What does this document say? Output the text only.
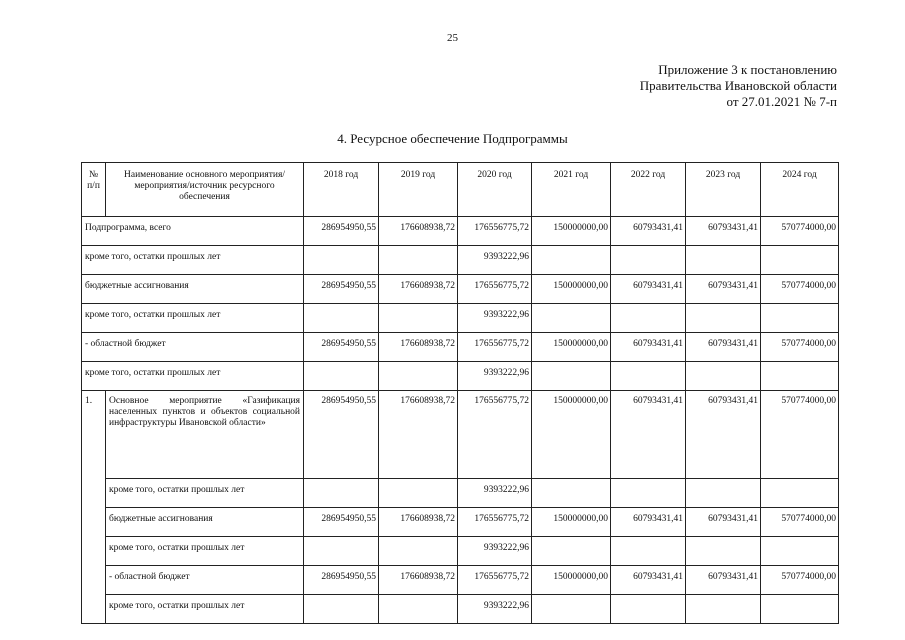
25
Приложение 3 к постановлению
Правительства Ивановской области
от 27.01.2021 № 7-п
4. Ресурсное обеспечение Подпрограммы
№ п/п	Наименование основного мероприятия/мероприятия/источник ресурсного обеспечения	2018 год	2019 год	2020 год	2021 год	2022 год	2023 год	2024 год
Подпрограмма, всего		286954950,55	176608938,72	176556775,72	150000000,00	60793431,41	60793431,41	570774000,00
кроме того, остатки прошлых лет				9393222,96				
бюджетные ассигнования		286954950,55	176608938,72	176556775,72	150000000,00	60793431,41	60793431,41	570774000,00
кроме того, остатки прошлых лет				9393222,96				
- областной бюджет		286954950,55	176608938,72	176556775,72	150000000,00	60793431,41	60793431,41	570774000,00
кроме того, остатки прошлых лет				9393222,96				
1.	Основное мероприятие «Газификация населенных пунктов и объектов социальной инфраструктуры Ивановской области»	286954950,55	176608938,72	176556775,72	150000000,00	60793431,41	60793431,41	570774000,00
	кроме того, остатки прошлых лет			9393222,96				
	бюджетные ассигнования	286954950,55	176608938,72	176556775,72	150000000,00	60793431,41	60793431,41	570774000,00
	кроме того, остатки прошлых лет			9393222,96				
	- областной бюджет	286954950,55	176608938,72	176556775,72	150000000,00	60793431,41	60793431,41	570774000,00
	кроме того, остатки прошлых лет			9393222,96				
